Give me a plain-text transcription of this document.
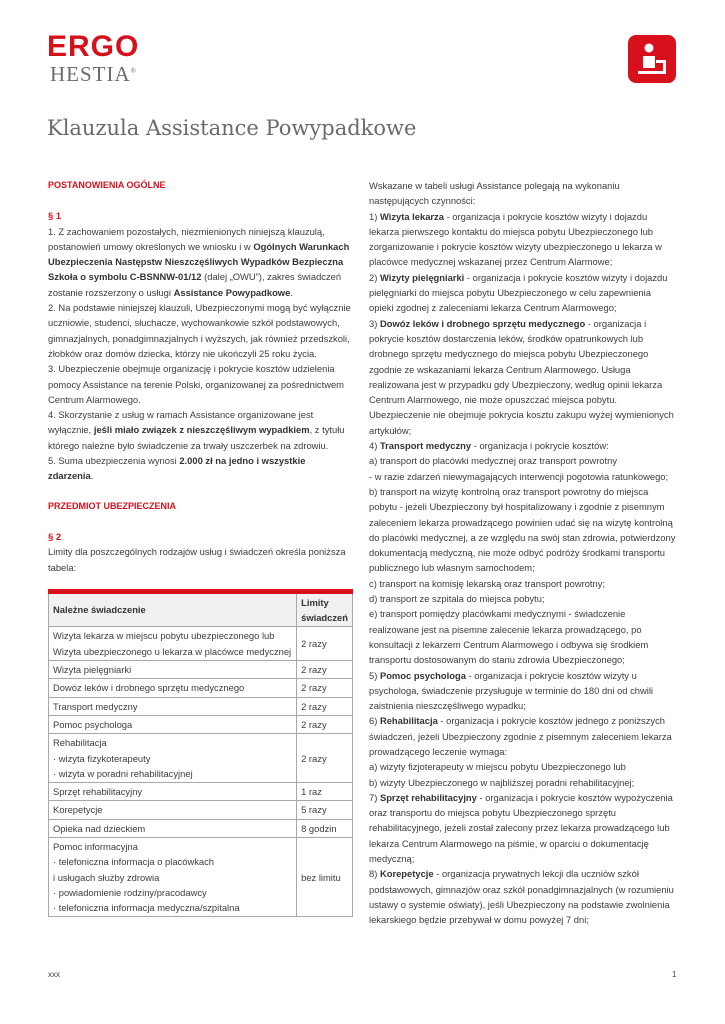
ERGO
HESTIA®
Klauzula Assistance Powypadkowe

POSTANOWIENIA OGÓLNE

§ 1

1. Z zachowaniem pozostałych, niezmienionych niniejszą klauzulą, postanowień umowy określonych we wniosku i w Ogólnych Warunkach Ubezpieczenia Następstw Nieszczęśliwych Wypadków Bezpieczna Szkoła o symbolu C-BSNNW-01/12 (dalej „OWU”), zakres świadczeń zostanie rozszerzony o usługi Assistance Powypadkowe.

2. Na podstawie niniejszej klauzuli, Ubezpieczonymi mogą być wyłącznie uczniowie, studenci, słuchacze, wychowankowie szkół podstawowych, gimnazjalnych, ponadgimnazjalnych i wyższych, jak również przedszkoli, żłobków oraz domów dziecka, którzy nie ukończyli 25 roku życia.

3. Ubezpieczenie obejmuje organizację i pokrycie kosztów udzielenia pomocy Assistance na terenie Polski, organizowanej za pośrednictwem Centrum Alarmowego.

4. Skorzystanie z usług w ramach Assistance organizowane jest wyłącznie, jeśli miało związek z nieszczęśliwym wypadkiem, z tytułu którego należne było świadczenie za trwały uszczerbek na zdrowiu.

5. Suma ubezpieczenia wynosi 2.000 zł na jedno i wszystkie zdarzenia.

PRZEDMIOT UBEZPIECZENIA

§ 2

Limity dla poszczególnych rodzajów usług i świadczeń określa poniższa tabela:

Należne świadczenie	Limity świadczeń
Wizyta lekarza w miejscu pobytu ubezpieczonego lub Wizyta ubezpieczonego u lekarza w placówce medycznej	2 razy
Wizyta pielęgniarki	2 razy
Dowóz leków i drobnego sprzętu medycznego	2 razy
Transport medyczny	2 razy
Pomoc psychologa	2 razy
Rehabilitacja
· wizyta fizykoterapeuty
· wizyta w poradni rehabilitacyjnej	2 razy
Sprzęt rehabilitacyjny	1 raz
Korepetycje	5 razy
Opieka nad dzieckiem	8 godzin
Pomoc informacyjna
· telefoniczna informacja o placówkach
i usługach służby zdrowia
· powiadomienie rodziny/pracodawcy
· telefoniczna informacja medyczna/szpitalna	bez limitu

Wskazane w tabeli usługi Assistance polegają na wykonaniu następujących czynności:

1) Wizyta lekarza - organizacja i pokrycie kosztów wizyty i dojazdu lekarza pierwszego kontaktu do miejsca pobytu Ubezpieczonego lub zorganizowanie i pokrycie kosztów wizyty ubezpieczonego u lekarza w placówce medycznej wskazanej przez Centrum Alarmowe;

2) Wizyty pielęgniarki - organizacja i pokrycie kosztów wizyty i dojazdu pielęgniarki do miejsca pobytu Ubezpieczonego w celu zapewnienia opieki zgodnej z zaleceniami lekarza Centrum Alarmowego;

3) Dowóz leków i drobnego sprzętu medycznego - organizacja i pokrycie kosztów dostarczenia leków, środków opatrunkowych lub drobnego sprzętu medycznego do miejsca pobytu Ubezpieczonego zgodnie ze wskazaniami lekarza Centrum Alarmowego. Usługa realizowana jest w przypadku gdy Ubezpieczony, według opinii lekarza Centrum Alarmowego, nie może opuszczać miejsca pobytu. Ubezpieczenie nie obejmuje pokrycia kosztu zakupu wyżej wymienionych artykułów;

4) Transport medyczny - organizacja i pokrycie kosztów:

a) transport do placówki medycznej oraz transport powrotny
- w razie zdarzeń niewymagających interwencji pogotowia ratunkowego;

b) transport na wizytę kontrolną oraz transport powrotny do miejsca pobytu - jeżeli Ubezpieczony był hospitalizowany i zgodnie z pisemnym zaleceniem lekarza prowadzącego powinien udać się na wizytę kontrolną do placówki medycznej, a ze względu na swój stan zdrowia, potwierdzony dokumentacją medyczną, nie może odbyć podróży środkami transportu publicznego lub własnym samochodem;

c) transport na komisję lekarską oraz transport powrotny;

d) transport ze szpitala do miejsca pobytu;

e) transport pomiędzy placówkami medycznymi - świadczenie realizowane jest na pisemne zalecenie lekarza prowadzącego, po konsultacji z lekarzem Centrum Alarmowego i odbywa się środkiem transportu dostosowanym do stanu zdrowia Ubezpieczonego;

5) Pomoc psychologa - organizacja i pokrycie kosztów wizyty u psychologa, świadczenie przysługuje w terminie do 180 dni od chwili zaistnienia nieszczęśliwego wypadku;

6) Rehabilitacja - organizacja i pokrycie kosztów jednego z poniższych świadczeń, jeżeli Ubezpieczony zgodnie z pisemnym zaleceniem lekarza prowadzącego leczenie wymaga:

a) wizyty fizjoterapeuty w miejscu pobytu Ubezpieczonego lub

b) wizyty Ubezpieczonego w najbliższej poradni rehabilitacyjnej;

7) Sprzęt rehabilitacyjny - organizacja i pokrycie kosztów wypożyczenia oraz transportu do miejsca pobytu Ubezpieczonego sprzętu rehabilitacyjnego, jeżeli został zalecony przez lekarza prowadzącego lub lekarza Centrum Alarmowego na piśmie, w oparciu o dokumentację medyczną;

8) Korepetycje - organizacja prywatnych lekcji dla uczniów szkół podstawowych, gimnazjów oraz szkół ponadgimnazjalnych (w rozumieniu ustawy o systemie oświaty), jeśli Ubezpieczony na podstawie zwolnienia lekarskiego będzie przebywał w domu powyżej 7 dni;

xxx	1
